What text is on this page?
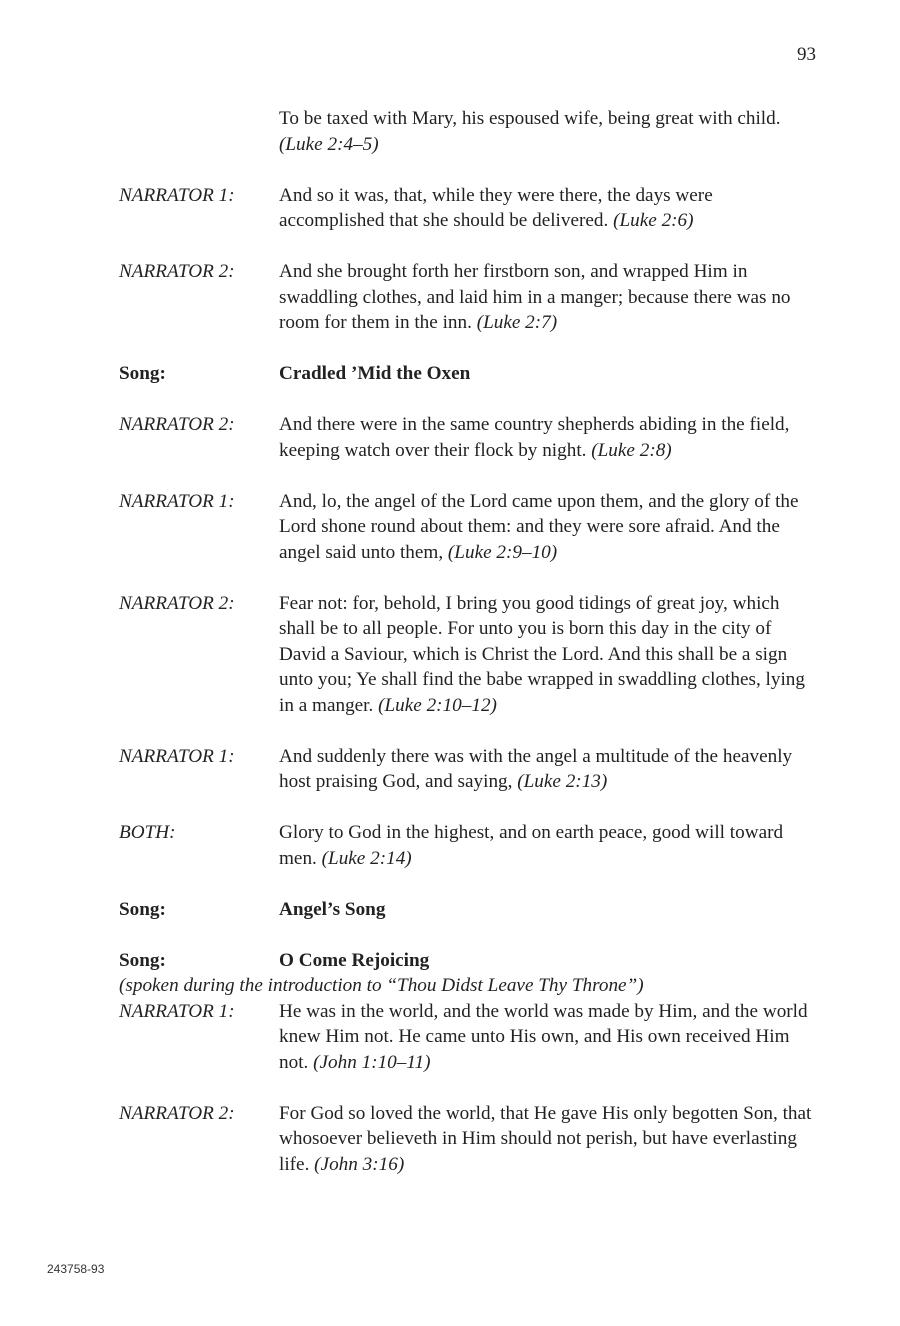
93
To be taxed with Mary, his espoused wife, being great with child. (Luke 2:4–5)
NARRATOR 1:	And so it was, that, while they were there, the days were accomplished that she should be delivered. (Luke 2:6)
NARRATOR 2:	And she brought forth her firstborn son, and wrapped Him in swaddling clothes, and laid him in a manger; because there was no room for them in the inn. (Luke 2:7)
Song:	Cradled ’Mid the Oxen
NARRATOR 2:	And there were in the same country shepherds abiding in the field, keeping watch over their flock by night. (Luke 2:8)
NARRATOR 1:	And, lo, the angel of the Lord came upon them, and the glory of the Lord shone round about them: and they were sore afraid. And the angel said unto them, (Luke 2:9–10)
NARRATOR 2:	Fear not: for, behold, I bring you good tidings of great joy, which shall be to all people. For unto you is born this day in the city of David a Saviour, which is Christ the Lord. And this shall be a sign unto you; Ye shall find the babe wrapped in swaddling clothes, lying in a manger. (Luke 2:10–12)
NARRATOR 1:	And suddenly there was with the angel a multitude of the heavenly host praising God, and saying, (Luke 2:13)
BOTH:	Glory to God in the highest, and on earth peace, good will toward men. (Luke 2:14)
Song:	Angel’s Song
Song:	O Come Rejoicing
(spoken during the introduction to “Thou Didst Leave Thy Throne”)
NARRATOR 1:	He was in the world, and the world was made by Him, and the world knew Him not. He came unto His own, and His own received Him not. (John 1:10–11)
NARRATOR 2:	For God so loved the world, that He gave His only begotten Son, that whosoever believeth in Him should not perish, but have everlasting life. (John 3:16)
243758-93
